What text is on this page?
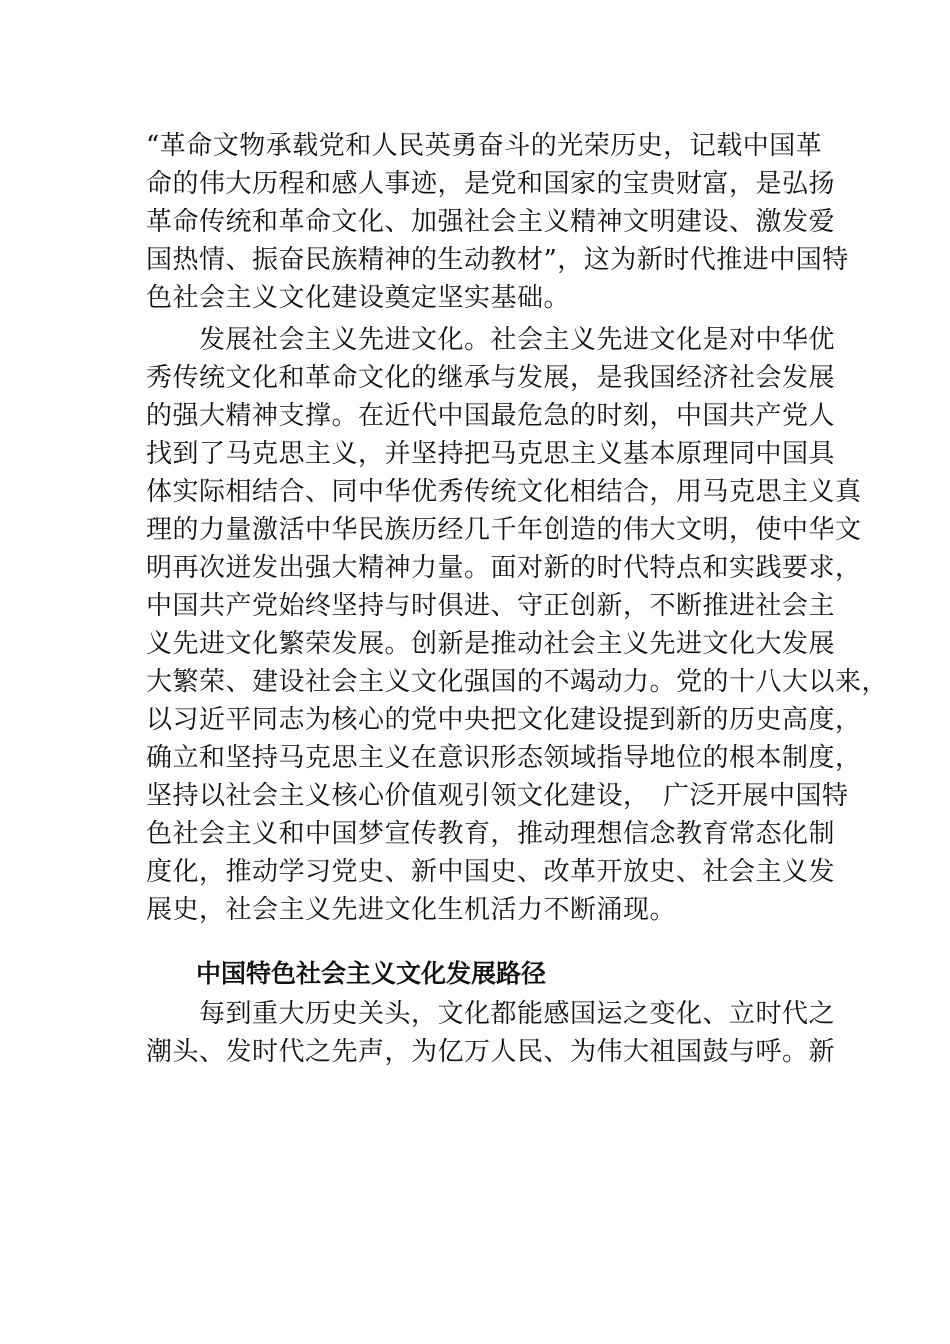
“革命文物承载党和人民英勇奋斗的光荣历史，记载中国革
命的伟大历程和感人事迹，是党和国家的宝贵财富，是弘扬
革命传统和革命文化、加强社会主义精神文明建设、激发爱
国热情、振奋民族精神的生动教材”，这为新时代推进中国特
色社会主义文化建设奠定坚实基础。
　　发展社会主义先进文化。社会主义先进文化是对中华优
秀传统文化和革命文化的继承与发展，是我国经济社会发展
的强大精神支撑。在近代中国最危急的时刻，中国共产党人
找到了马克思主义，并坚持把马克思主义基本原理同中国具
体实际相结合、同中华优秀传统文化相结合，用马克思主义真
理的力量激活中华民族历经几千年创造的伟大文明，使中华文
明再次迸发出强大精神力量。面对新的时代特点和实践要求，
中国共产党始终坚持与时俱进、守正创新，不断推进社会主
义先进文化繁荣发展。创新是推动社会主义先进文化大发展
大繁荣、建设社会主义文化强国的不竭动力。党的十八大以来，
以习近平同志为核心的党中央把文化建设提到新的历史高度，
确立和坚持马克思主义在意识形态领域指导地位的根本制度，
坚持以社会主义核心价值观引领文化建设，　广泛开展中国特
色社会主义和中国梦宣传教育，推动理想信念教育常态化制
度化，推动学习党史、新中国史、改革开放史、社会主义发
展史，社会主义先进文化生机活力不断涌现。
中国特色社会主义文化发展路径
　　每到重大历史关头，文化都能感国运之变化、立时代之
潮头、发时代之先声，为亿万人民、为伟大祖国鼓与呼。新
